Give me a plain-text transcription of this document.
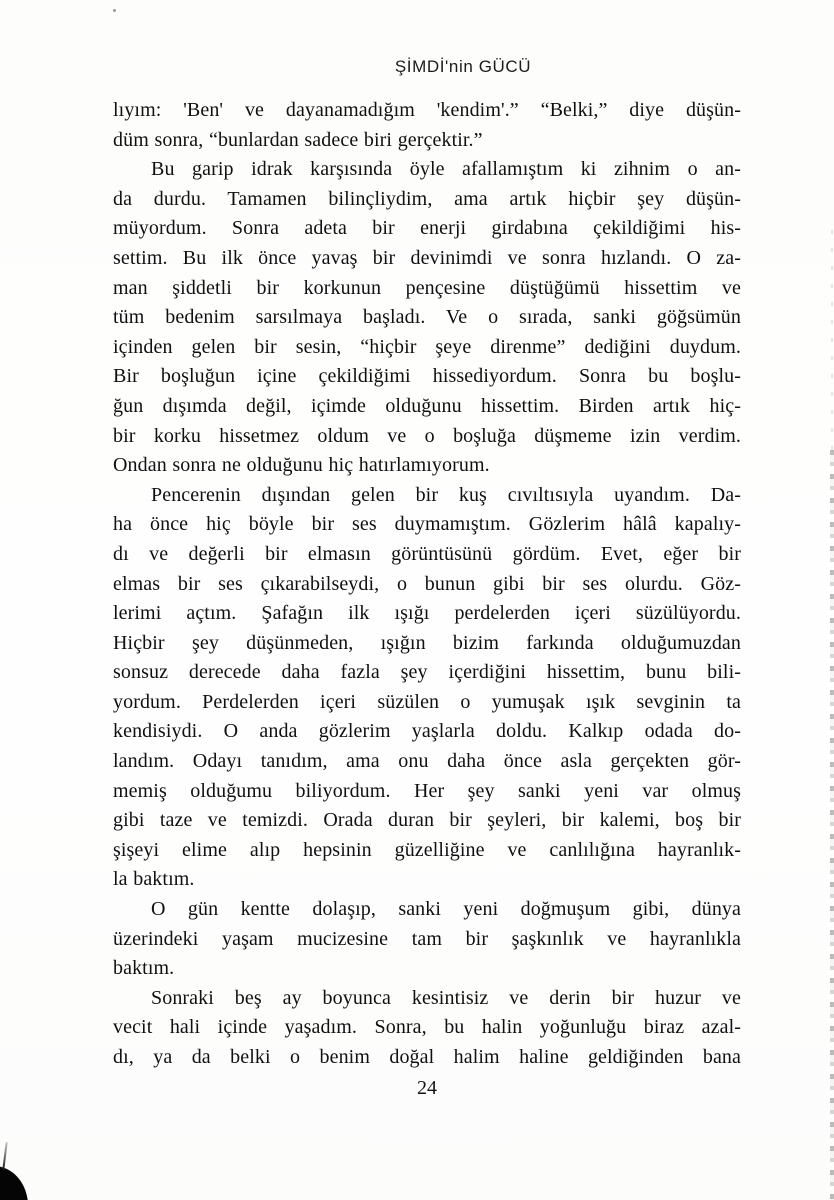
ŞİMDİ'nin GÜCÜ
lıyım: 'Ben' ve dayanamadığım 'kendim'.” “Belki,” diye düşün-
düm sonra, “bunlardan sadece biri gerçektir.”
Bu garip idrak karşısında öyle afallamıştım ki zihnim o an-
da durdu. Tamamen bilinçliydim, ama artık hiçbir şey düşün-
müyordum. Sonra adeta bir enerji girdabına çekildiğimi his-
settim. Bu ilk önce yavaş bir devinimdi ve sonra hızlandı. O za-
man şiddetli bir korkunun pençesine düştüğümü hissettim ve
tüm bedenim sarsılmaya başladı. Ve o sırada, sanki göğsümün
içinden gelen bir sesin, “hiçbir şeye direnme” dediğini duydum.
Bir boşluğun içine çekildiğimi hissediyordum. Sonra bu boşlu-
ğun dışımda değil, içimde olduğunu hissettim. Birden artık hiç-
bir korku hissetmez oldum ve o boşluğa düşmeme izin verdim.
Ondan sonra ne olduğunu hiç hatırlamıyorum.
Pencerenin dışından gelen bir kuş cıvıltısıyla uyandım. Da-
ha önce hiç böyle bir ses duymamıştım. Gözlerim hâlâ kapalıy-
dı ve değerli bir elmasın görüntüsünü gördüm. Evet, eğer bir
elmas bir ses çıkarabilseydi, o bunun gibi bir ses olurdu. Göz-
lerimi açtım. Şafağın ilk ışığı perdelerden içeri süzülüyordu.
Hiçbir şey düşünmeden, ışığın bizim farkında olduğumuzdan
sonsuz derecede daha fazla şey içerdiğini hissettim, bunu bili-
yordum. Perdelerden içeri süzülen o yumuşak ışık sevginin ta
kendisiydi. O anda gözlerim yaşlarla doldu. Kalkıp odada do-
landım. Odayı tanıdım, ama onu daha önce asla gerçekten gör-
memiş olduğumu biliyordum. Her şey sanki yeni var olmuş
gibi taze ve temizdi. Orada duran bir şeyleri, bir kalemi, boş bir
şişeyi elime alıp hepsinin güzelliğine ve canlılığına hayranlık-
la baktım.
O gün kentte dolaşıp, sanki yeni doğmuşum gibi, dünya
üzerindeki yaşam mucizesine tam bir şaşkınlık ve hayranlıkla
baktım.
Sonraki beş ay boyunca kesintisiz ve derin bir huzur ve
vecit hali içinde yaşadım. Sonra, bu halin yoğunluğu biraz azal-
dı, ya da belki o benim doğal halim haline geldiğinden bana
24
